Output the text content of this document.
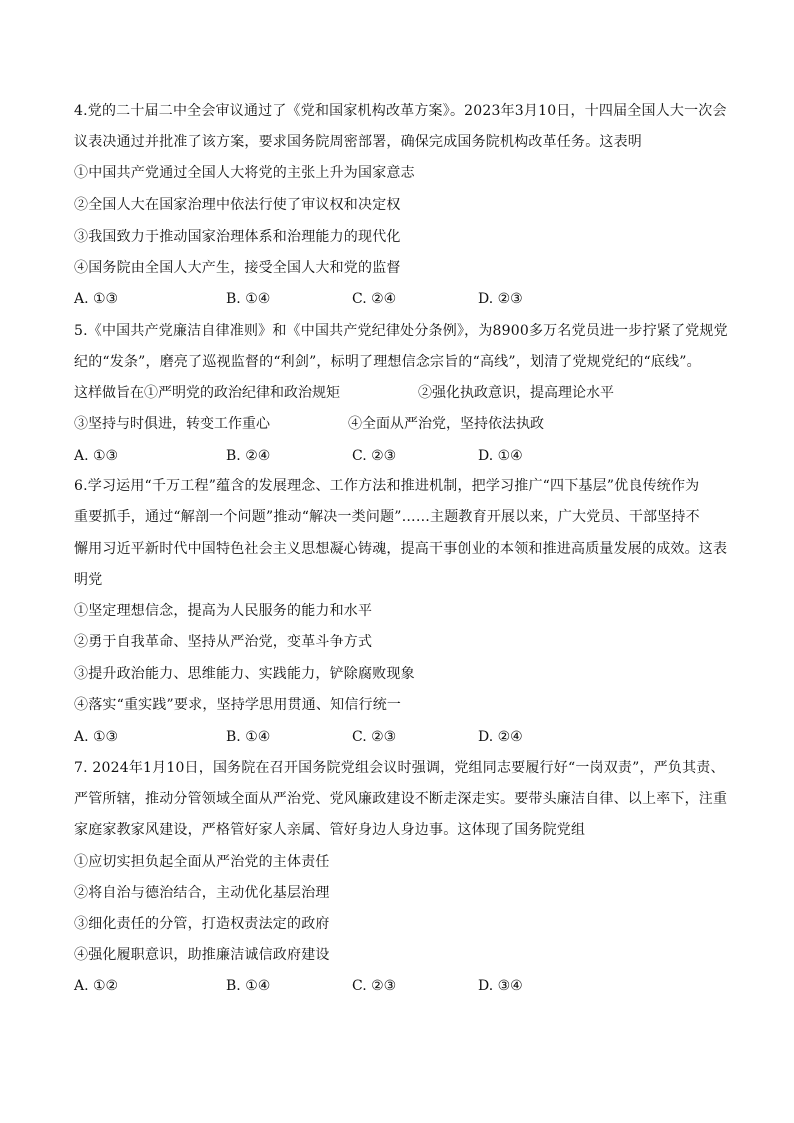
4.党的二十届二中全会审议通过了《党和国家机构改革方案》。2023年3月10日，十四届全国人大一次会
议表决通过并批准了该方案，要求国务院周密部署，确保完成国务院机构改革任务。这表明
①中国共产党通过全国人大将党的主张上升为国家意志
②全国人大在国家治理中依法行使了审议权和决定权
③我国致力于推动国家治理体系和治理能力的现代化
④国务院由全国人大产生，接受全国人大和党的监督
A. ①③	B. ①④	C. ②④	D. ②③
5.《中国共产党廉洁自律准则》和《中国共产党纪律处分条例》，为8900多万名党员进一步拧紧了党规党
纪的“发条”，磨亮了巡视监督的“利剑”，标明了理想信念宗旨的“高线”，划清了党规党纪的“底线”。
这样做旨在①严明党的政治纪律和政治规矩	②强化执政意识，提高理论水平
③坚持与时俱进，转变工作重心	④全面从严治党，坚持依法执政
A. ①③	B. ②④	C. ②③	D. ①④
6.学习运用“千万工程”蕴含的发展理念、工作方法和推进机制，把学习推广“四下基层”优良传统作为
重要抓手，通过“解剖一个问题”推动“解决一类问题”……主题教育开展以来，广大党员、干部坚持不
懈用习近平新时代中国特色社会主义思想凝心铸魂，提高干事创业的本领和推进高质量发展的成效。这表
明党
①坚定理想信念，提高为人民服务的能力和水平
②勇于自我革命、坚持从严治党，变革斗争方式
③提升政治能力、思维能力、实践能力，铲除腐败现象
④落实“重实践”要求，坚持学思用贯通、知信行统一
A. ①③	B. ①④	C. ②③	D. ②④
7. 2024年1月10日，国务院在召开国务院党组会议时强调，党组同志要履行好“一岗双责”，严负其责、
严管所辖，推动分管领域全面从严治党、党风廉政建设不断走深走实。要带头廉洁自律、以上率下，注重
家庭家教家风建设，严格管好家人亲属、管好身边人身边事。这体现了国务院党组
①应切实担负起全面从严治党的主体责任
②将自治与德治结合，主动优化基层治理
③细化责任的分管，打造权责法定的政府
④强化履职意识，助推廉洁诚信政府建设
A. ①②	B. ①④	C. ②③	D. ③④
